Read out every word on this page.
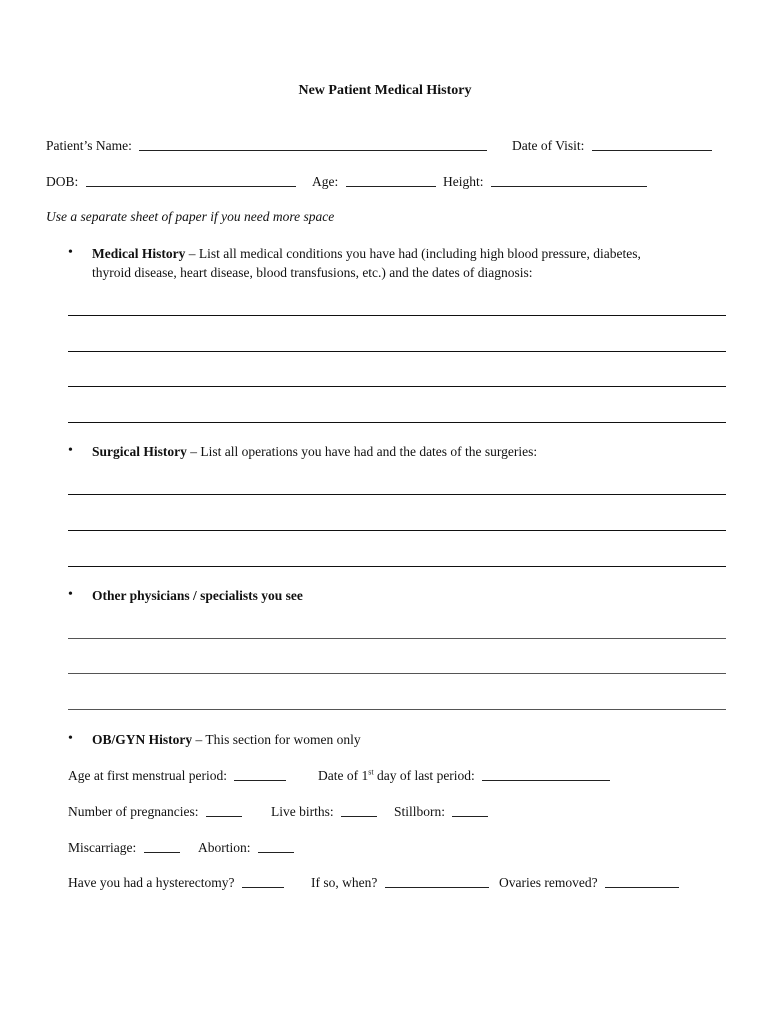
New Patient Medical History
Patient’s Name:	Date of Visit:
DOB:	Age:	Height:
Use a separate sheet of paper if you need more space
• Medical History – List all medical conditions you have had (including high blood pressure, diabetes,
thyroid disease, heart disease, blood transfusions, etc.) and the dates of diagnosis:
• Surgical History – List all operations you have had and the dates of the surgeries:
• Other physicians / specialists you see
• OB/GYN History – This section for women only
Age at first menstrual period:	Date of 1st day of last period:
Number of pregnancies:	Live births:	Stillborn:
Miscarriage:	Abortion:
Have you had a hysterectomy?	If so, when?	Ovaries removed?
